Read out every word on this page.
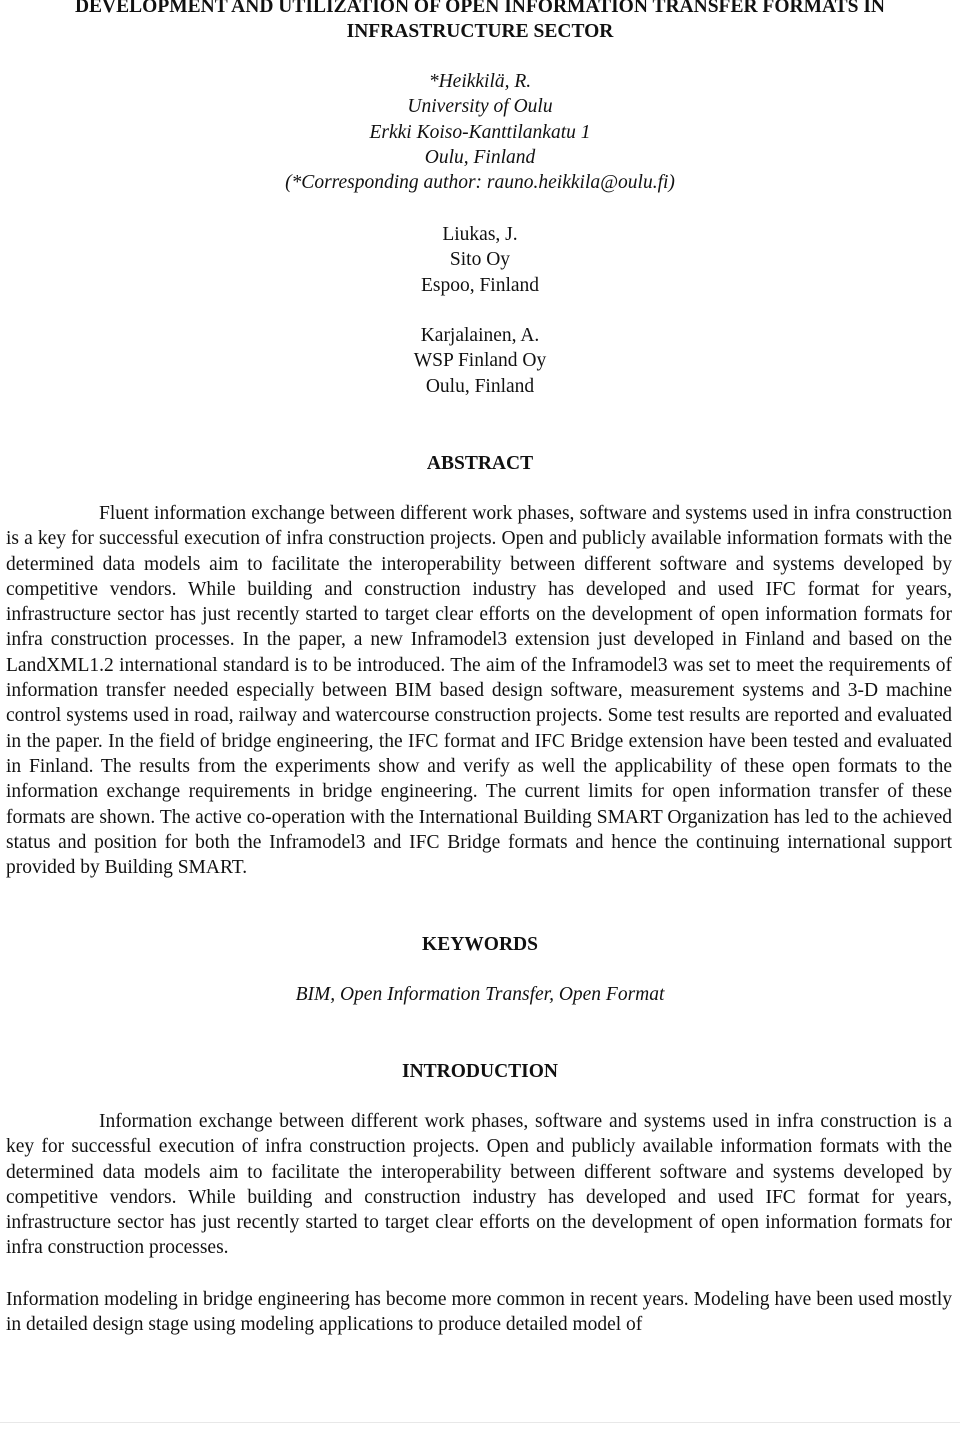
DEVELOPMENT AND UTILIZATION OF OPEN INFORMATION TRANSFER FORMATS IN
INFRASTRUCTURE SECTOR
*Heikkilä, R.
University of Oulu
Erkki Koiso-Kanttilankatu 1
Oulu, Finland
(*Corresponding author: rauno.heikkila@oulu.fi)
Liukas, J.
Sito Oy
Espoo, Finland
Karjalainen, A.
WSP Finland Oy
Oulu, Finland
ABSTRACT
Fluent information exchange between different work phases, software and systems used in infra construction is a key for successful execution of infra construction projects. Open and publicly available information formats with the determined data models aim to facilitate the interoperability between different software and systems developed by competitive vendors. While building and construction industry has developed and used IFC format for years, infrastructure sector has just recently started to target clear efforts on the development of open information formats for infra construction processes. In the paper, a new Inframodel3 extension just developed in Finland and based on the LandXML1.2 international standard is to be introduced. The aim of the Inframodel3 was set to meet the requirements of information transfer needed especially between BIM based design software, measurement systems and 3-D machine control systems used in road, railway and watercourse construction projects. Some test results are reported and evaluated in the paper. In the field of bridge engineering, the IFC format and IFC Bridge extension have been tested and evaluated in Finland. The results from the experiments show and verify as well the applicability of these open formats to the information exchange requirements in bridge engineering. The current limits for open information transfer of these formats are shown. The active co-operation with the International Building SMART Organization has led to the achieved status and position for both the Inframodel3 and IFC Bridge formats and hence the continuing international support provided by Building SMART.
KEYWORDS
BIM, Open Information Transfer, Open Format
INTRODUCTION
Information exchange between different work phases, software and systems used in infra construction is a key for successful execution of infra construction projects. Open and publicly available information formats with the determined data models aim to facilitate the interoperability between different software and systems developed by competitive vendors. While building and construction industry has developed and used IFC format for years, infrastructure sector has just recently started to target clear efforts on the development of open information formats for infra construction processes.
Information modeling in bridge engineering has become more common in recent years. Modeling have been used mostly in detailed design stage using modeling applications to produce detailed model of
